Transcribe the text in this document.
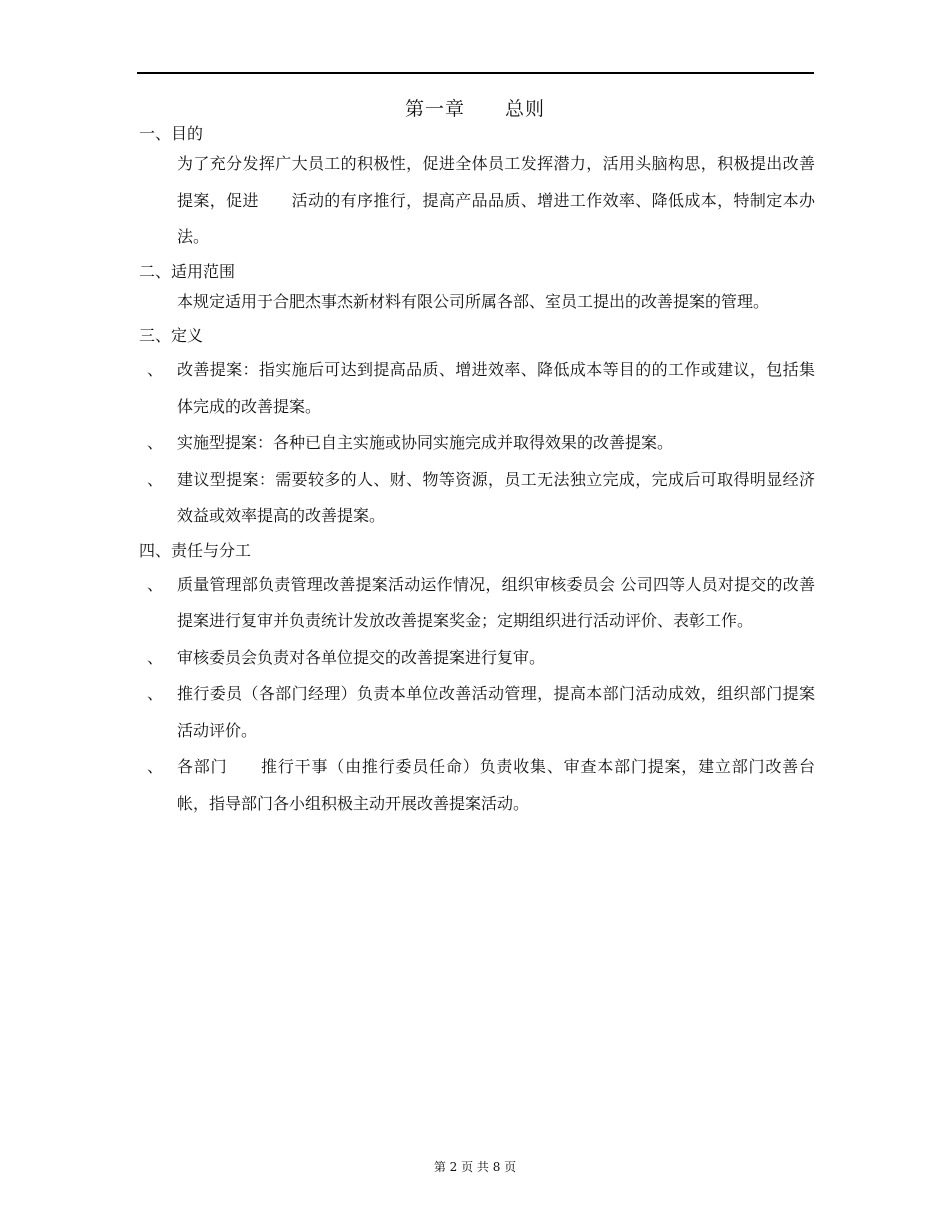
第一章　　总则
一、目的
为了充分发挥广大员工的积极性，促进全体员工发挥潜力，活用头脑构思，积极提出改善提案，促进　　活动的有序推行，提高产品品质、增进工作效率、降低成本，特制定本办法。
二、适用范围
本规定适用于合肥杰事杰新材料有限公司所属各部、室员工提出的改善提案的管理。
三、定义
、 改善提案：指实施后可达到提高品质、增进效率、降低成本等目的的工作或建议，包括集体完成的改善提案。
、 实施型提案：各种已自主实施或协同实施完成并取得效果的改善提案。
、 建议型提案：需要较多的人、财、物等资源，员工无法独立完成，完成后可取得明显经济效益或效率提高的改善提案。
四、责任与分工
、 质量管理部负责管理改善提案活动运作情况，组织审核委员会 公司四等人员对提交的改善提案进行复审并负责统计发放改善提案奖金；定期组织进行活动评价、表彰工作。
、 审核委员会负责对各单位提交的改善提案进行复审。
、 推行委员（各部门经理）负责本单位改善活动管理，提高本部门活动成效，组织部门提案活动评价。
、 各部门　　推行干事（由推行委员任命）负责收集、审查本部门提案，建立部门改善台帐，指导部门各小组积极主动开展改善提案活动。
第 2 页 共 8 页
